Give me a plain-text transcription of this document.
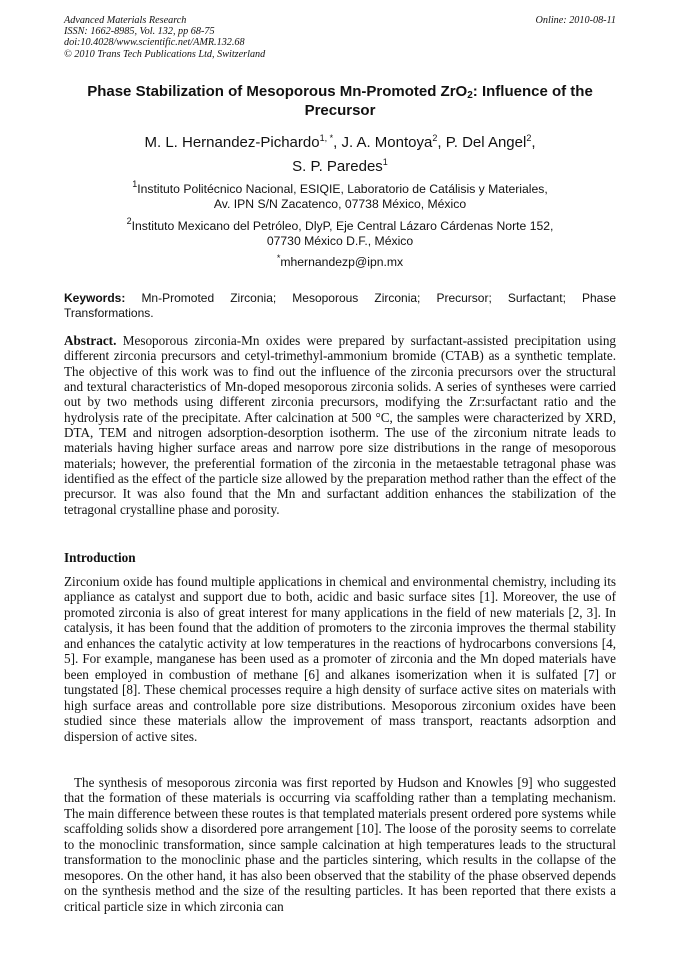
Advanced Materials Research
ISSN: 1662-8985, Vol. 132, pp 68-75
doi:10.4028/www.scientific.net/AMR.132.68
© 2010 Trans Tech Publications Ltd, Switzerland
Online: 2010-08-11
Phase Stabilization of Mesoporous Mn-Promoted ZrO$_2$: Influence of the Precursor
M. L. Hernandez-Pichardo$^{1, *}$, J. A. Montoya$^2$, P. Del Angel$^2$,
S. P. Paredes$^1$
$^1$Instituto Politécnico Nacional, ESIQIE, Laboratorio de Catálisis y Materiales,
Av. IPN S/N Zacatenco, 07738 México, México
$^2$Instituto Mexicano del Petróleo, DlyP, Eje Central Lázaro Cárdenas Norte 152,
07730 México D.F., México
*mhernandezp@ipn.mx
Keywords: Mn-Promoted Zirconia; Mesoporous Zirconia; Precursor; Surfactant; Phase Transformations.
Abstract. Mesoporous zirconia-Mn oxides were prepared by surfactant-assisted precipitation using different zirconia precursors and cetyl-trimethyl-ammonium bromide (CTAB) as a synthetic template. The objective of this work was to find out the influence of the zirconia precursors over the structural and textural characteristics of Mn-doped mesoporous zirconia solids. A series of syntheses were carried out by two methods using different zirconia precursors, modifying the Zr:surfactant ratio and the hydrolysis rate of the precipitate. After calcination at 500 °C, the samples were characterized by XRD, DTA, TEM and nitrogen adsorption-desorption isotherm. The use of the zirconium nitrate leads to materials having higher surface areas and narrow pore size distributions in the range of mesoporous materials; however, the preferential formation of the zirconia in the metaestable tetragonal phase was identified as the effect of the particle size allowed by the preparation method rather than the effect of the precursor. It was also found that the Mn and surfactant addition enhances the stabilization of the tetragonal crystalline phase and porosity.
Introduction

Zirconium oxide has found multiple applications in chemical and environmental chemistry, including its appliance as catalyst and support due to both, acidic and basic surface sites [1]. Moreover, the use of promoted zirconia is also of great interest for many applications in the field of new materials [2, 3]. In catalysis, it has been found that the addition of promoters to the zirconia improves the thermal stability and enhances the catalytic activity at low temperatures in the reactions of hydrocarbons conversions [4, 5]. For example, manganese has been used as a promoter of zirconia and the Mn doped materials have been employed in combustion of methane [6] and alkanes isomerization when it is sulfated [7] or tungstated [8]. These chemical processes require a high density of surface active sites on materials with high surface areas and controllable pore size distributions. Mesoporous zirconium oxides have been studied since these materials allow the improvement of mass transport, reactants adsorption and dispersion of active sites.

The synthesis of mesoporous zirconia was first reported by Hudson and Knowles [9] who suggested that the formation of these materials is occurring via scaffolding rather than a templating mechanism. The main difference between these routes is that templated materials present ordered pore systems while scaffolding solids show a disordered pore arrangement [10]. The loose of the porosity seems to correlate to the monoclinic transformation, since sample calcination at high temperatures leads to the structural transformation to the monoclinic phase and the particles sintering, which results in the collapse of the mesopores. On the other hand, it has also been observed that the stability of the phase observed depends on the synthesis method and the size of the resulting particles. It has been reported that there exists a critical particle size in which zirconia can
